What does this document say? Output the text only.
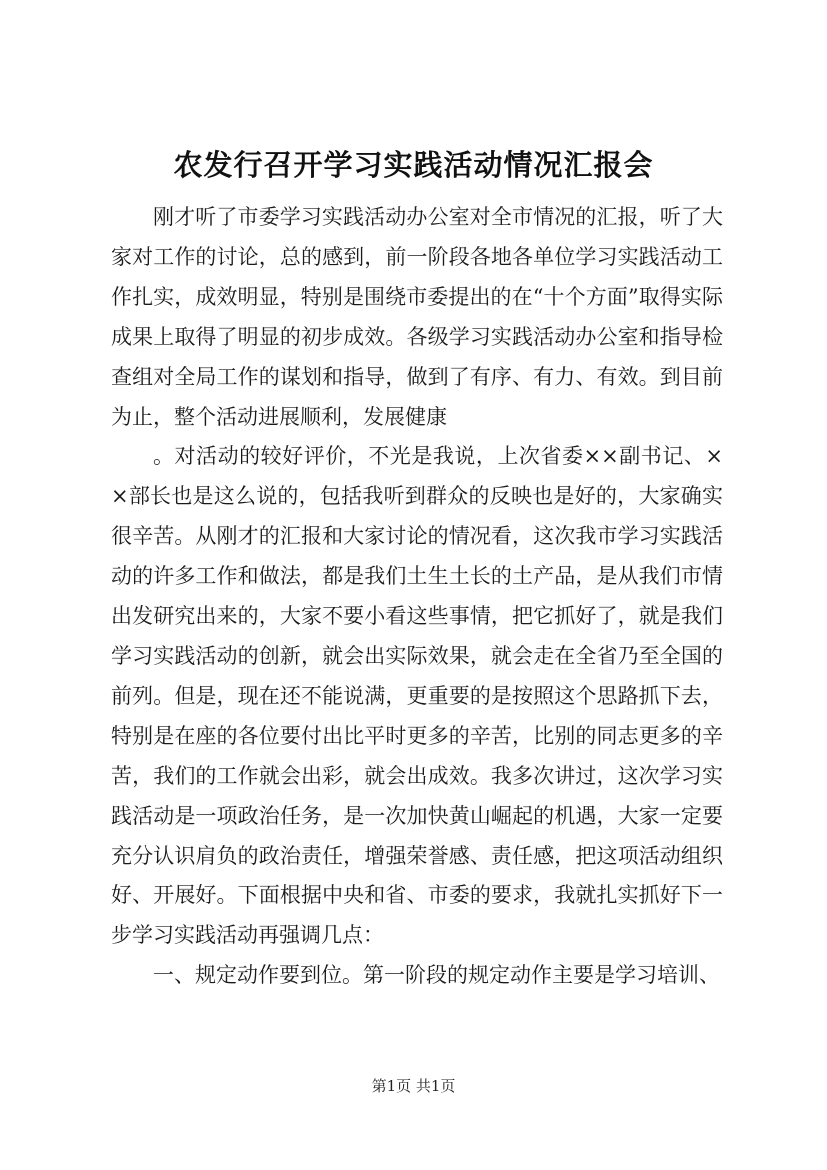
农发行召开学习实践活动情况汇报会

刚才听了市委学习实践活动办公室对全市情况的汇报，听了大家对工作的讨论，总的感到，前一阶段各地各单位学习实践活动工作扎实，成效明显，特别是围绕市委提出的在“十个方面”取得实际成果上取得了明显的初步成效。各级学习实践活动办公室和指导检查组对全局工作的谋划和指导，做到了有序、有力、有效。到目前为止，整个活动进展顺利，发展健康

。对活动的较好评价，不光是我说，上次省委××副书记、××部长也是这么说的，包括我听到群众的反映也是好的，大家确实很辛苦。从刚才的汇报和大家讨论的情况看，这次我市学习实践活动的许多工作和做法，都是我们土生土长的土产品，是从我们市情出发研究出来的，大家不要小看这些事情，把它抓好了，就是我们学习实践活动的创新，就会出实际效果，就会走在全省乃至全国的前列。但是，现在还不能说满，更重要的是按照这个思路抓下去，特别是在座的各位要付出比平时更多的辛苦，比别的同志更多的辛苦，我们的工作就会出彩，就会出成效。我多次讲过，这次学习实践活动是一项政治任务，是一次加快黄山崛起的机遇，大家一定要充分认识肩负的政治责任，增强荣誉感、责任感，把这项活动组织好、开展好。下面根据中央和省、市委的要求，我就扎实抓好下一步学习实践活动再强调几点：

一、规定动作要到位。第一阶段的规定动作主要是学习培训、

第1页 共1页
